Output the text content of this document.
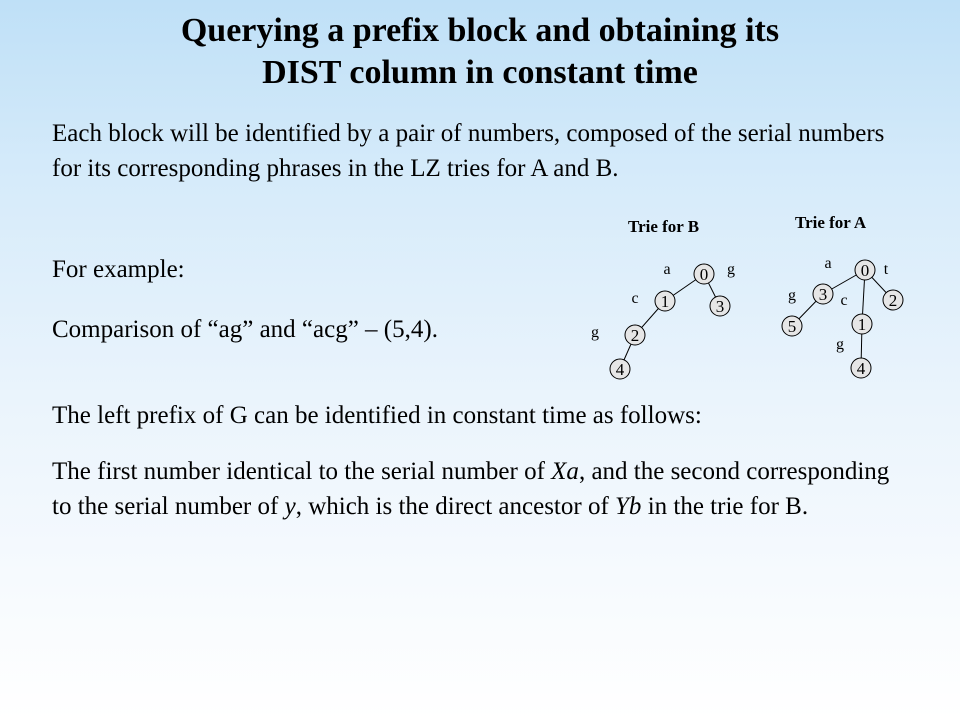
Querying a prefix block and obtaining its
DIST column in constant time
Each block will be identified by a pair of numbers, composed of the serial numbers for its corresponding phrases in the LZ tries for A and B.
For example:
Comparison of “ag” and “acg” – (5,4).
The left prefix of G can be identified in constant time as follows:
The first number identical to the serial number of Xa, and the second corresponding to the serial number of y, which is the direct ancestor of Yb in the trie for B.
Trie for B
0
1	3
2
4
a	g
c
g
Trie for A
0
3	2
5	1
4
a	t
g	c
g
